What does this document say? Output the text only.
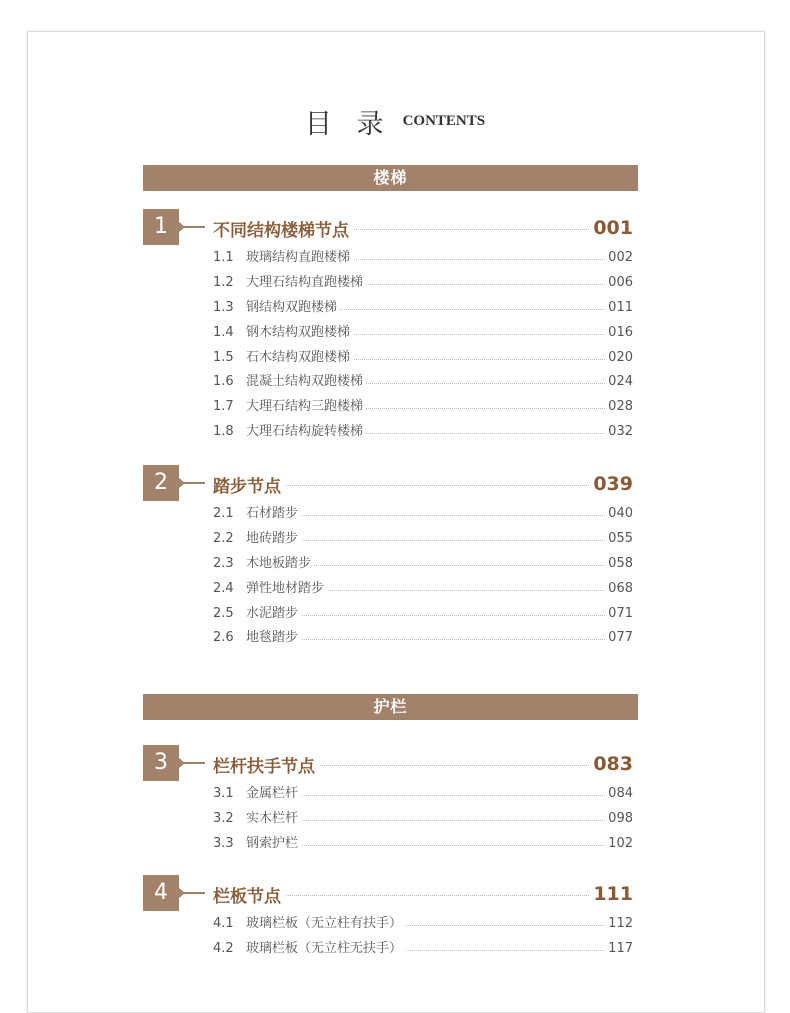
目 录 CONTENTS
楼梯
护栏
1	不同结构楼梯节点	001
1.1 玻璃结构直跑楼梯	002
1.2 大理石结构直跑楼梯	006
1.3 钢结构双跑楼梯	011
1.4 钢木结构双跑楼梯	016
1.5 石木结构双跑楼梯	020
1.6 混凝土结构双跑楼梯	024
1.7 大理石结构三跑楼梯	028
1.8 大理石结构旋转楼梯	032
2	踏步节点	039
2.1 石材踏步	040
2.2 地砖踏步	055
2.3 木地板踏步	058
2.4 弹性地材踏步	068
2.5 水泥踏步	071
2.6 地毯踏步	077
3	栏杆扶手节点	083
3.1 金属栏杆	084
3.2 实木栏杆	098
3.3 钢索护栏	102
4	栏板节点	111
4.1 玻璃栏板（无立柱有扶手）	112
4.2 玻璃栏板（无立柱无扶手）	117
